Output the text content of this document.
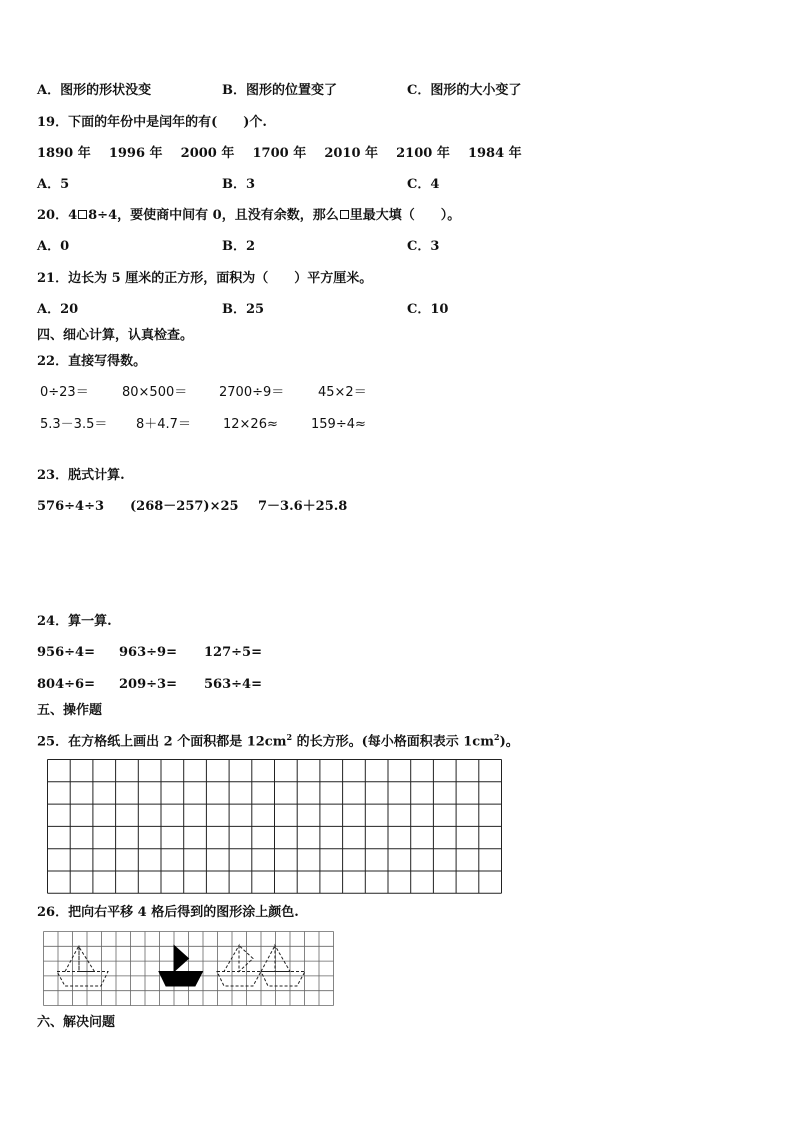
A．图形的形状没变	B．图形的位置变了	C．图形的大小变了
19．下面的年份中是闰年的有(　　)个.
1890 年 1996 年 2000 年 1700 年 2010 年 2100 年 1984 年
A．5	B．3	C．4
20．4 8÷4，要使商中间有 0，且没有余数，那么 里最大填（　　）。
A．0	B．2	C．3
21．边长为 5 厘米的正方形，面积为（　　）平方厘米。
A．20	B．25	C．10
四、细心计算，认真检查。
22．直接写得数。
0÷23＝	80×500＝ 2700÷9＝	45×2＝
5.3－3.5＝ 8＋4.7＝ 12×26≈	159÷4≈
23．脱式计算.
576÷4÷3 (268－257)×25 7－3.6＋25.8
24．算一算.
956÷4= 963÷9= 127÷5=
804÷6= 209÷3= 563÷4=
五、操作题
25．在方格纸上画出 2 个面积都是 $12cm^2$ 的长方形。(每小格面积表示 $1cm^2$)。
26．把向右平移 4 格后得到的图形涂上颜色.
六、解决问题
